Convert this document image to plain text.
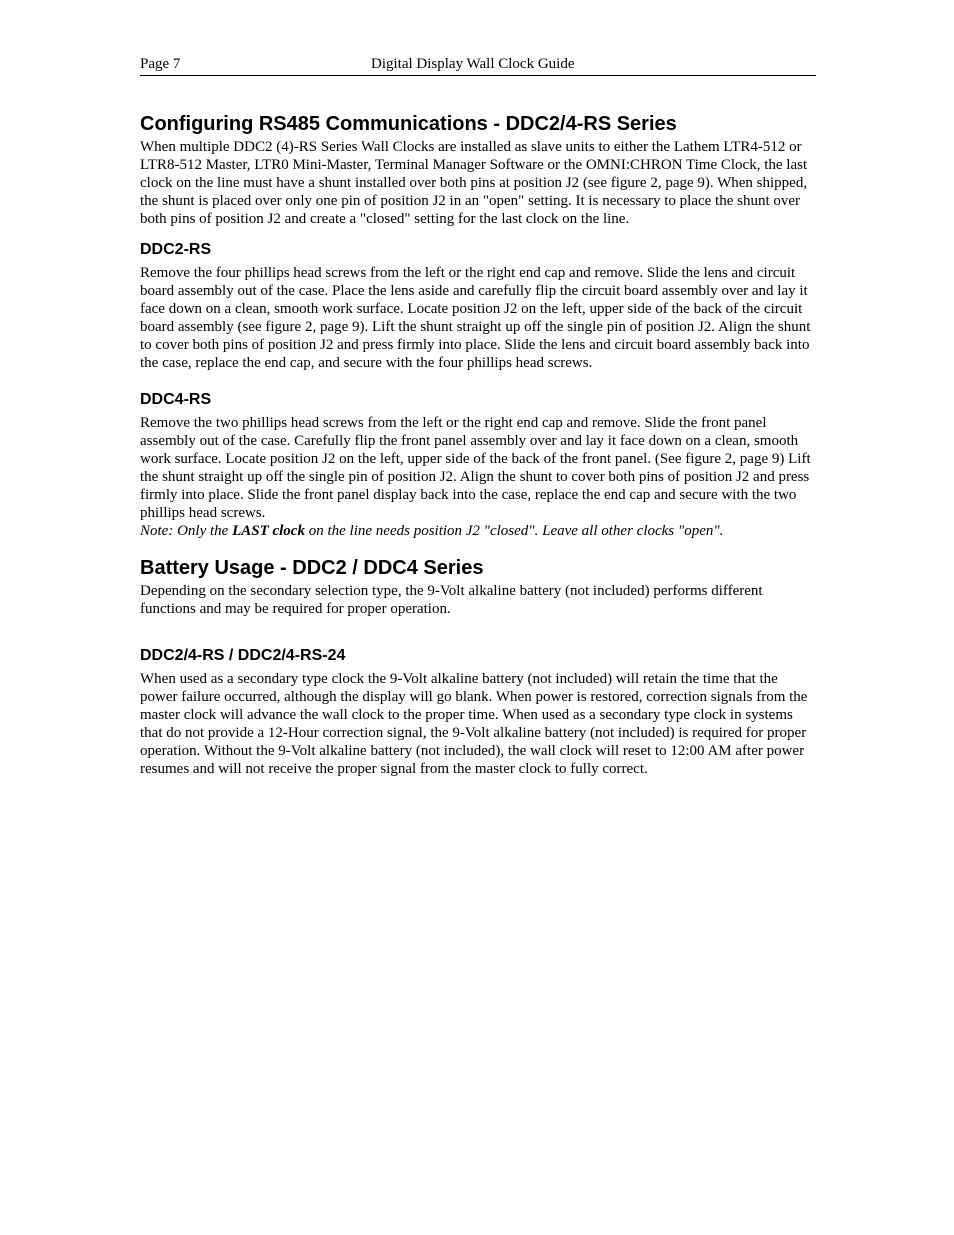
Page 7	Digital Display Wall Clock Guide
Configuring RS485 Communications - DDC2/4-RS Series

When multiple DDC2 (4)-RS Series Wall Clocks are installed as slave units to either the Lathem LTR4-512 or LTR8-512 Master, LTR0 Mini-Master, Terminal Manager Software or the OMNI:CHRON Time Clock, the last clock on the line must have a shunt installed over both pins at position J2 (see figure 2, page 9). When shipped, the shunt is placed over only one pin of position J2 in an "open" setting. It is necessary to place the shunt over both pins of position J2 and create a "closed" setting for the last clock on the line.

DDC2-RS

Remove the four phillips head screws from the left or the right end cap and remove. Slide the lens and circuit board assembly out of the case. Place the lens aside and carefully flip the circuit board assembly over and lay it face down on a clean, smooth work surface. Locate position J2 on the left, upper side of the back of the circuit board assembly (see figure 2, page 9). Lift the shunt straight up off the single pin of position J2. Align the shunt to cover both pins of position J2 and press firmly into place. Slide the lens and circuit board assembly back into the case, replace the end cap, and secure with the four phillips head screws.

DDC4-RS

Remove the two phillips head screws from the left or the right end cap and remove. Slide the front panel assembly out of the case. Carefully flip the front panel assembly over and lay it face down on a clean, smooth work surface. Locate position J2 on the left, upper side of the back of the front panel. (See figure 2, page 9) Lift the shunt straight up off the single pin of position J2. Align the shunt to cover both pins of position J2 and press firmly into place. Slide the front panel display back into the case, replace the end cap and secure with the two phillips head screws.

Note: Only the LAST clock on the line needs position J2 "closed". Leave all other clocks "open".

Battery Usage - DDC2 / DDC4 Series

Depending on the secondary selection type, the 9-Volt alkaline battery (not included) performs different functions and may be required for proper operation.

DDC2/4-RS / DDC2/4-RS-24

When used as a secondary type clock the 9-Volt alkaline battery (not included) will retain the time that the power failure occurred, although the display will go blank. When power is restored, correction signals from the master clock will advance the wall clock to the proper time. When used as a secondary type clock in systems that do not provide a 12-Hour correction signal, the 9-Volt alkaline battery (not included) is required for proper operation. Without the 9-Volt alkaline battery (not included), the wall clock will reset to 12:00 AM after power resumes and will not receive the proper signal from the master clock to fully correct.
